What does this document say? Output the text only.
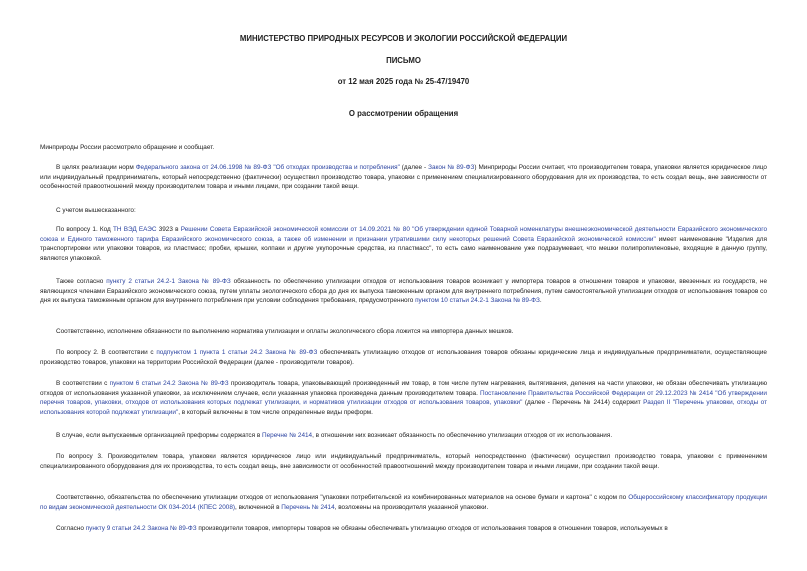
МИНИСТЕРСТВО ПРИРОДНЫХ РЕСУРСОВ И ЭКОЛОГИИ РОССИЙСКОЙ ФЕДЕРАЦИИ
ПИСЬМО
от 12 мая 2025 года № 25-47/19470
О рассмотрении обращения
Минприроды России рассмотрело обращение и сообщает.
В целях реализации норм Федерального закона от 24.06.1998 № 89-ФЗ "Об отходах производства и потребления" (далее - Закон № 89-ФЗ) Минприроды России считает, что производителем товара, упаковки является юридическое лицо или индивидуальный предприниматель, который непосредственно (фактически) осуществил производство товара, упаковки с применением специализированного оборудования для их производства, то есть создал вещь, вне зависимости от особенностей правоотношений между производителем товара и иными лицами, при создании такой вещи.
С учетом вышесказанного:
По вопросу 1. Код ТН ВЭД ЕАЭС 3923 в Решении Совета Евразийской экономической комиссии от 14.09.2021 № 80 "Об утверждении единой Товарной номенклатуры внешнеэкономической деятельности Евразийского экономического союза и Единого таможенного тарифа Евразийского экономического союза, а также об изменении и признании утратившими силу некоторых решений Совета Евразийской экономической комиссии" имеет наименование "Изделия для транспортировки или упаковки товаров, из пластмасс; пробки, крышки, колпаки и другие укупорочные средства, из пластмасс", то есть само наименование уже подразумевает, что мешки полипропиленовые, входящие в данную группу, являются упаковкой.
Также согласно пункту 2 статьи 24.2-1 Закона № 89-ФЗ обязанность по обеспечению утилизации отходов от использования товаров возникает у импортера товаров в отношении товаров и упаковки, ввезенных из государств, не являющихся членами Евразийского экономического союза, путем уплаты экологического сбора до дня их выпуска таможенным органом для внутреннего потребления, путем самостоятельной утилизации отходов от использования товаров со дня их выпуска таможенным органом для внутреннего потребления при условии соблюдения требования, предусмотренного пунктом 10 статьи 24.2-1 Закона № 89-ФЗ.
Соответственно, исполнение обязанности по выполнению норматива утилизации и оплаты экологического сбора ложится на импортера данных мешков.
По вопросу 2. В соответствии с подпунктом 1 пункта 1 статьи 24.2 Закона № 89-ФЗ обеспечивать утилизацию отходов от использования товаров обязаны юридические лица и индивидуальные предприниматели, осуществляющие производство товаров, упаковки на территории Российской Федерации (далее - производители товаров).
В соответствии с пунктом 6 статьи 24.2 Закона № 89-ФЗ производитель товара, упаковывающий произведенный им товар, в том числе путем нагревания, вытягивания, деления на части упаковки, не обязан обеспечивать утилизацию отходов от использования указанной упаковки, за исключением случаев, если указанная упаковка произведена данным производителем товара. Постановление Правительства Российской Федерации от 29.12.2023 № 2414 "Об утверждении перечня товаров, упаковки, отходов от использования которых подлежат утилизации, и нормативов утилизации отходов от использования товаров, упаковки" (далее - Перечень № 2414) содержит Раздел II "Перечень упаковки, отходы от использования которой подлежат утилизации", в который включены в том числе определенные виды преформ.
В случае, если выпускаемые организацией преформы содержатся в Перечне № 2414, в отношении них возникает обязанность по обеспечению утилизации отходов от их использования.
По вопросу 3. Производителем товара, упаковки является юридическое лицо или индивидуальный предприниматель, который непосредственно (фактически) осуществил производство товара, упаковки с применением специализированного оборудования для их производства, то есть создал вещь, вне зависимости от особенностей правоотношений между производителем товара и иными лицами, при создании такой вещи.
Соответственно, обязательства по обеспечению утилизации отходов от использования "упаковки потребительской из комбинированных материалов на основе бумаги и картона" с кодом по Общероссийскому классификатору продукции по видам экономической деятельности ОК 034-2014 (КПЕС 2008), включенной в Перечень № 2414, возложены на производителя указанной упаковки.
Согласно пункту 9 статьи 24.2 Закона № 89-ФЗ производители товаров, импортеры товаров не обязаны обеспечивать утилизацию отходов от использования товаров в отношении товаров, используемых в
